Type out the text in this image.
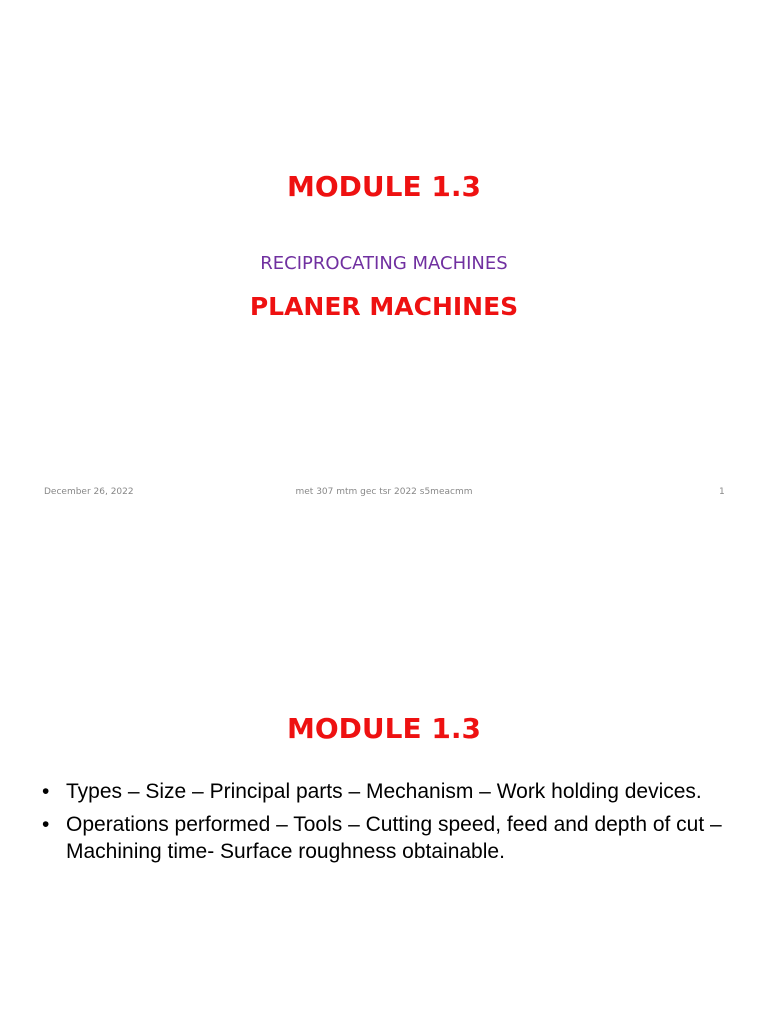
MODULE 1.3
RECIPROCATING MACHINES
PLANER MACHINES
December 26, 2022	met 307 mtm gec tsr 2022 s5meacmm	1
MODULE 1.3
• Types – Size – Principal parts – Mechanism – Work holding devices.
• Operations performed – Tools – Cutting speed, feed and depth of cut – Machining time- Surface roughness obtainable.
